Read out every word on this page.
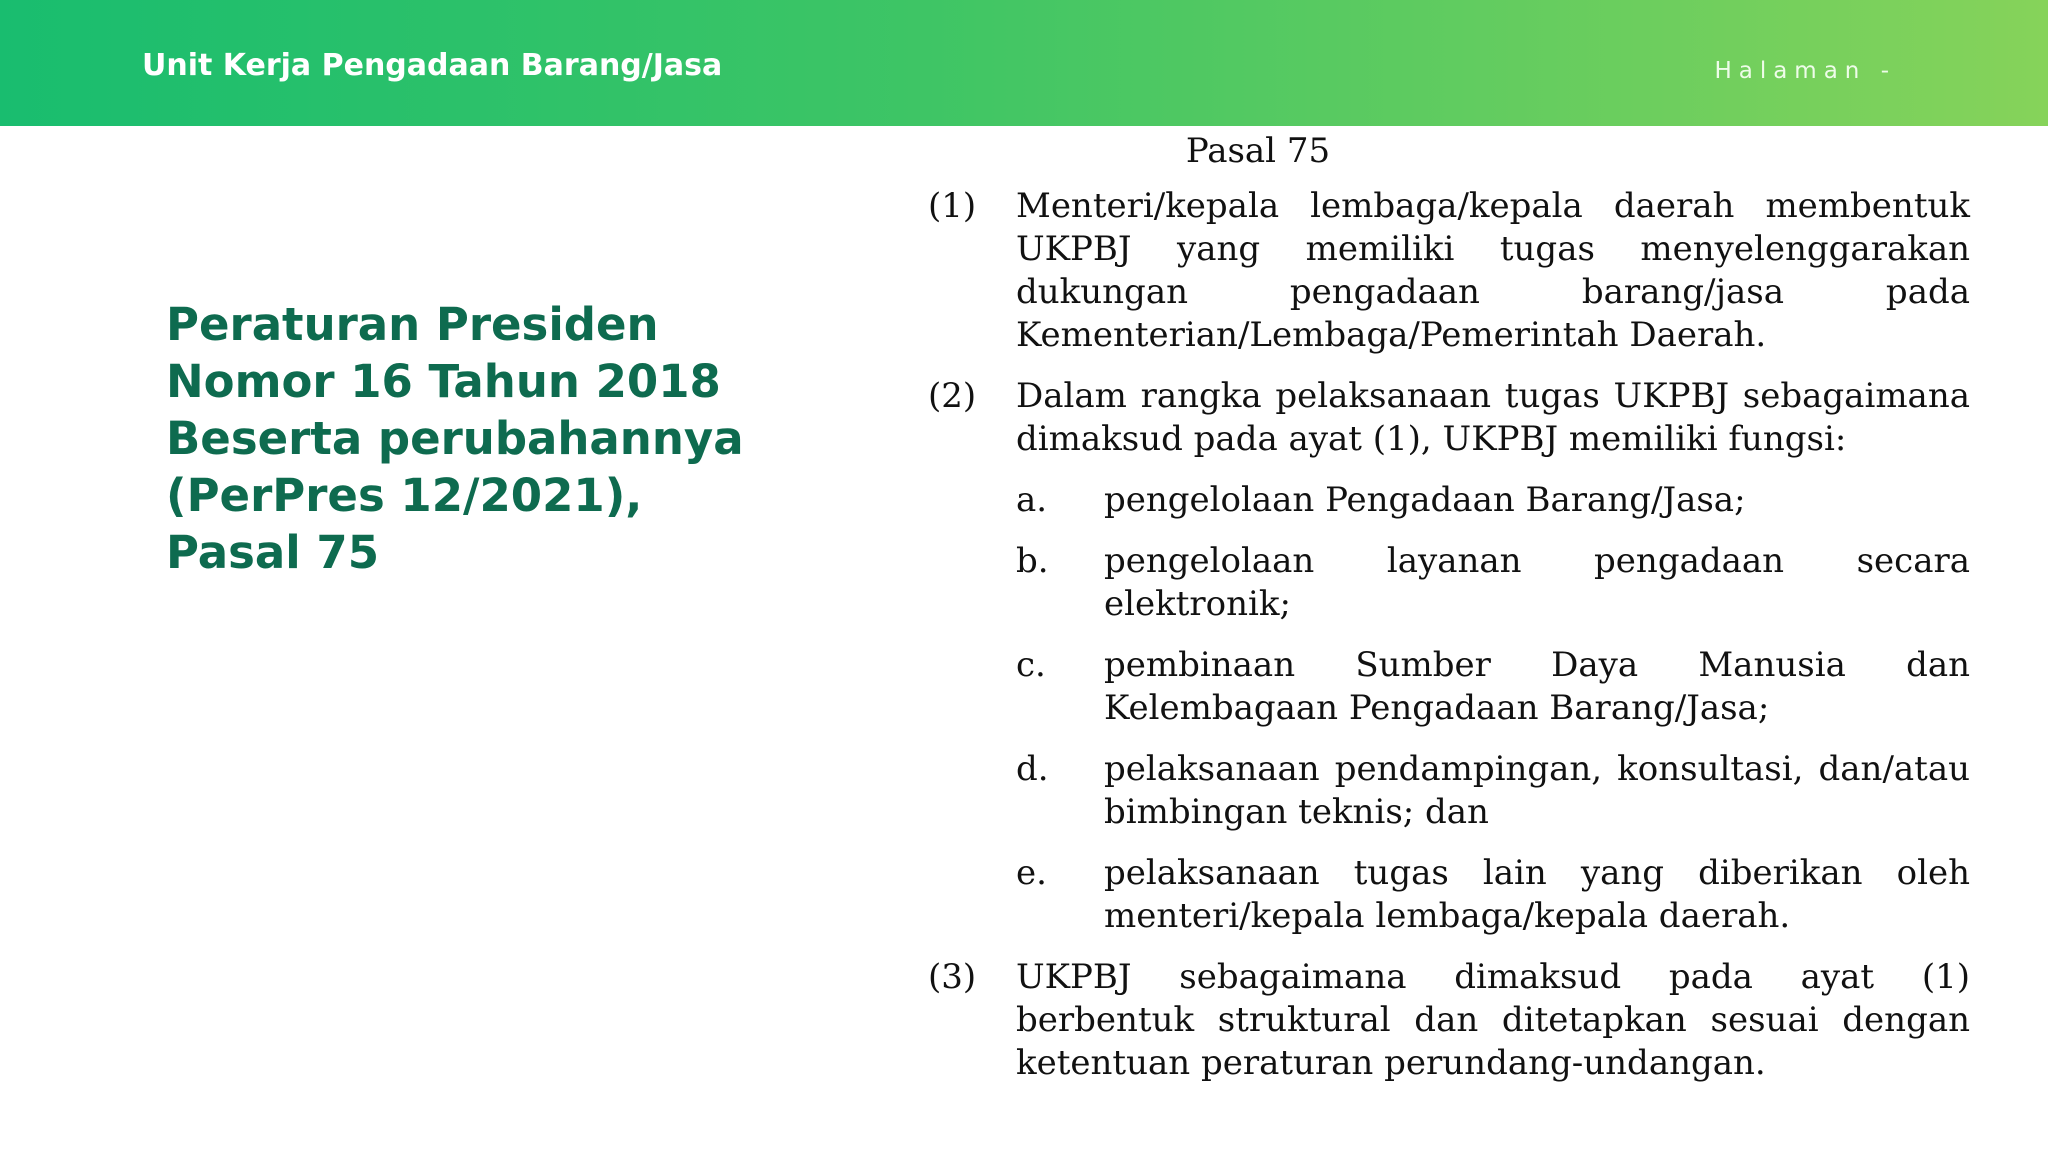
Unit Kerja Pengadaan Barang/Jasa	Halaman -
Peraturan Presiden
Nomor 16 Tahun 2018
Beserta perubahannya
(PerPres 12/2021),
Pasal 75
Pasal 75
(1) Menteri/kepala lembaga/kepala daerah membentuk UKPBJ yang memiliki tugas menyelenggarakan dukungan pengadaan barang/jasa pada Kementerian/Lembaga/Pemerintah Daerah.
(2) Dalam rangka pelaksanaan tugas UKPBJ sebagaimana dimaksud pada ayat (1), UKPBJ memiliki fungsi:
a. pengelolaan Pengadaan Barang/Jasa;
b. pengelolaan layanan pengadaan secara elektronik;
c. pembinaan Sumber Daya Manusia dan Kelembagaan Pengadaan Barang/Jasa;
d. pelaksanaan pendampingan, konsultasi, dan/atau bimbingan teknis; dan
e. pelaksanaan tugas lain yang diberikan oleh menteri/kepala lembaga/kepala daerah.
(3) UKPBJ sebagaimana dimaksud pada ayat (1) berbentuk struktural dan ditetapkan sesuai dengan ketentuan peraturan perundang-undangan.
